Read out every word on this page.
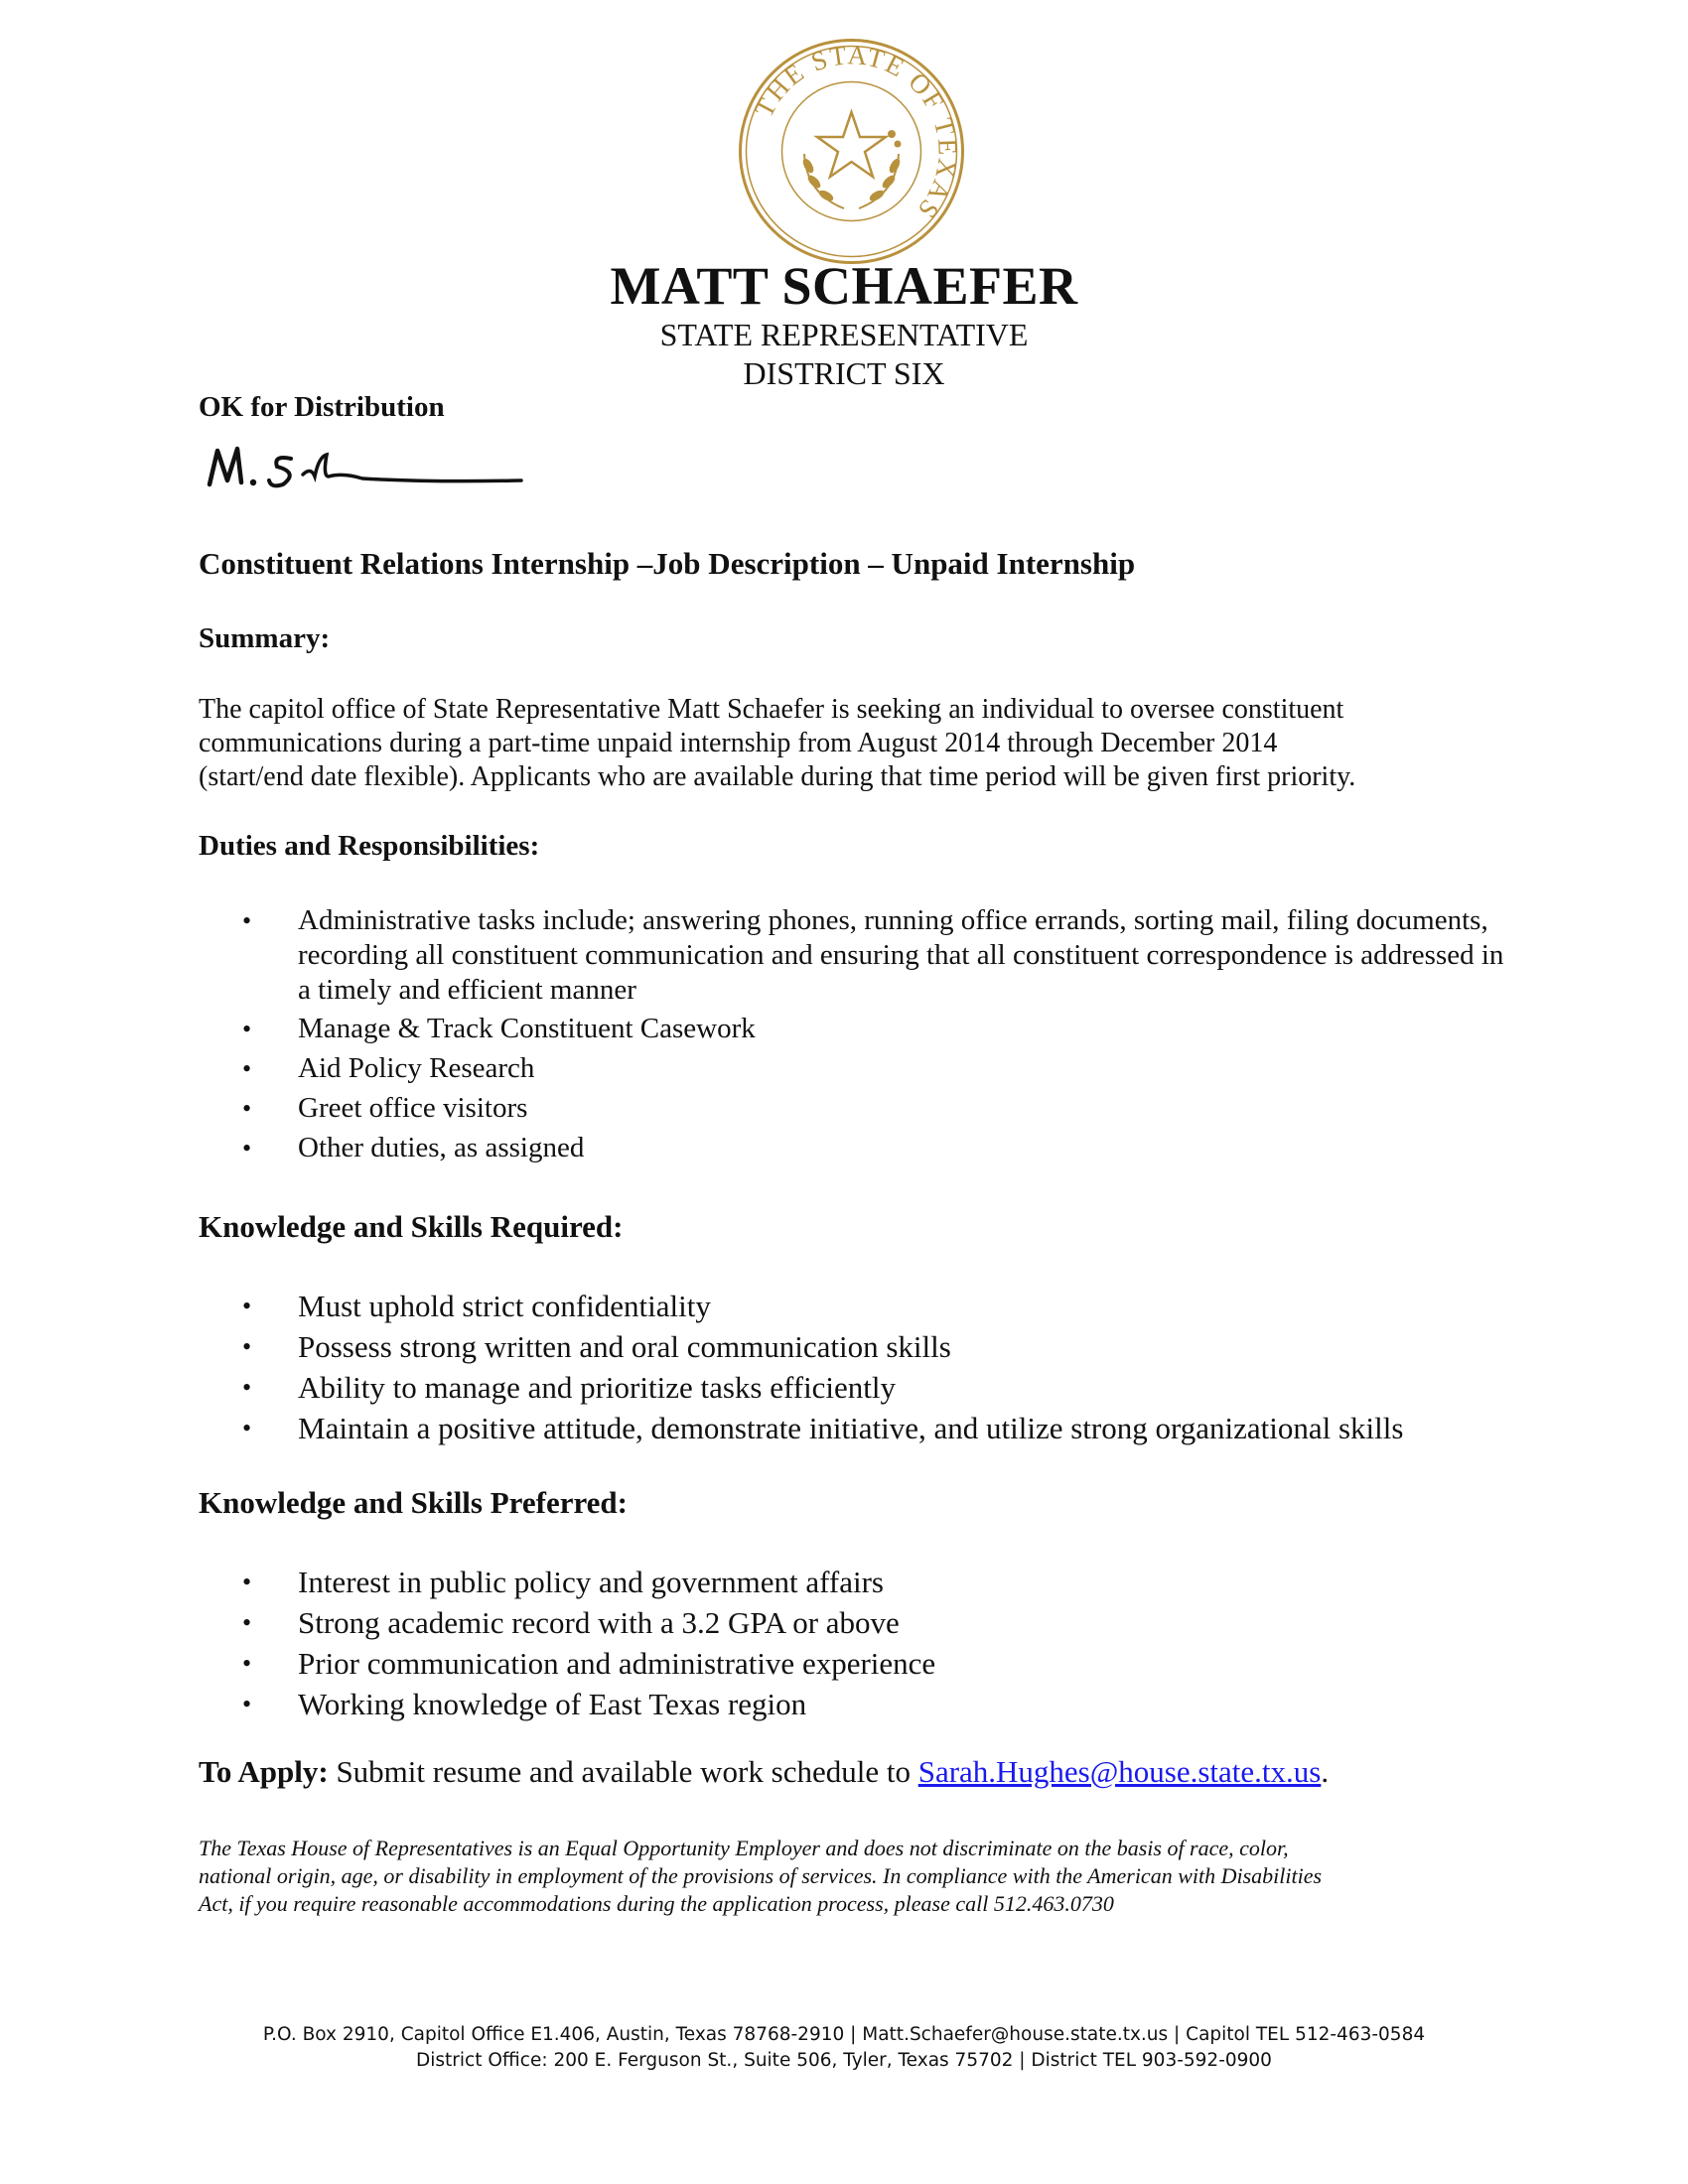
THE STATE OF TEXAS
MATT SCHAEFER
STATE REPRESENTATIVE
DISTRICT SIX
OK for Distribution
M. Schaefer
Constituent Relations Internship –Job Description – Unpaid Internship
Summary:
The capitol office of State Representative Matt Schaefer is seeking an individual to oversee constituent
communications during a part-time unpaid internship from August 2014 through December 2014
(start/end date flexible). Applicants who are available during that time period will be given first priority.
Duties and Responsibilities:
• Administrative tasks include; answering phones, running office errands, sorting mail, filing documents, recording all constituent communication and ensuring that all constituent correspondence is addressed in a timely and efficient manner
• Manage & Track Constituent Casework
• Aid Policy Research
• Greet office visitors
• Other duties, as assigned
Knowledge and Skills Required:
• Must uphold strict confidentiality
• Possess strong written and oral communication skills
• Ability to manage and prioritize tasks efficiently
• Maintain a positive attitude, demonstrate initiative, and utilize strong organizational skills
Knowledge and Skills Preferred:
• Interest in public policy and government affairs
• Strong academic record with a 3.2 GPA or above
• Prior communication and administrative experience
• Working knowledge of East Texas region
To Apply: Submit resume and available work schedule to Sarah.Hughes@house.state.tx.us.
The Texas House of Representatives is an Equal Opportunity Employer and does not discriminate on the basis of race, color,
national origin, age, or disability in employment of the provisions of services. In compliance with the American with Disabilities
Act, if you require reasonable accommodations during the application process, please call 512.463.0730
P.O. Box 2910, Capitol Office E1.406, Austin, Texas 78768-2910 | Matt.Schaefer@house.state.tx.us | Capitol TEL 512-463-0584
District Office: 200 E. Ferguson St., Suite 506, Tyler, Texas 75702 | District TEL 903-592-0900
